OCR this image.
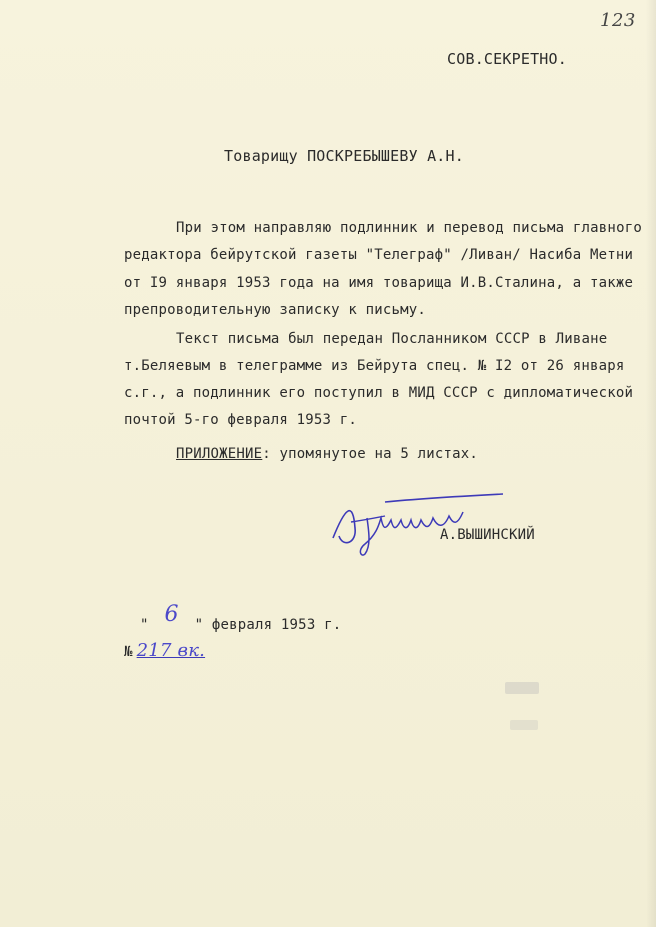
123
СОВ.СЕКРЕТНО.
Товарищу ПОСКРЕБЫШЕВУ А.Н.
При этом направляю подлинник и перевод письма главного
редактора бейрутской газеты "Телеграф" /Ливан/ Насиба Метни
от I9 января 1953 года на имя товарища И.В.Сталина, а также
препроводительную записку к письму.
Текст письма был передан Посланником СССР в Ливане
т.Беляевым в телеграмме из Бейрута спец. № I2 от 26 января
с.г., а подлинник его поступил в МИД СССР с дипломатической
почтой 5-го февраля 1953 г.
ПРИЛОЖЕНИЕ: упомянутое на 5 листах.
А.ВЫШИНСКИЙ
" 6 " февраля 1953 г.
№ 217 вк.
